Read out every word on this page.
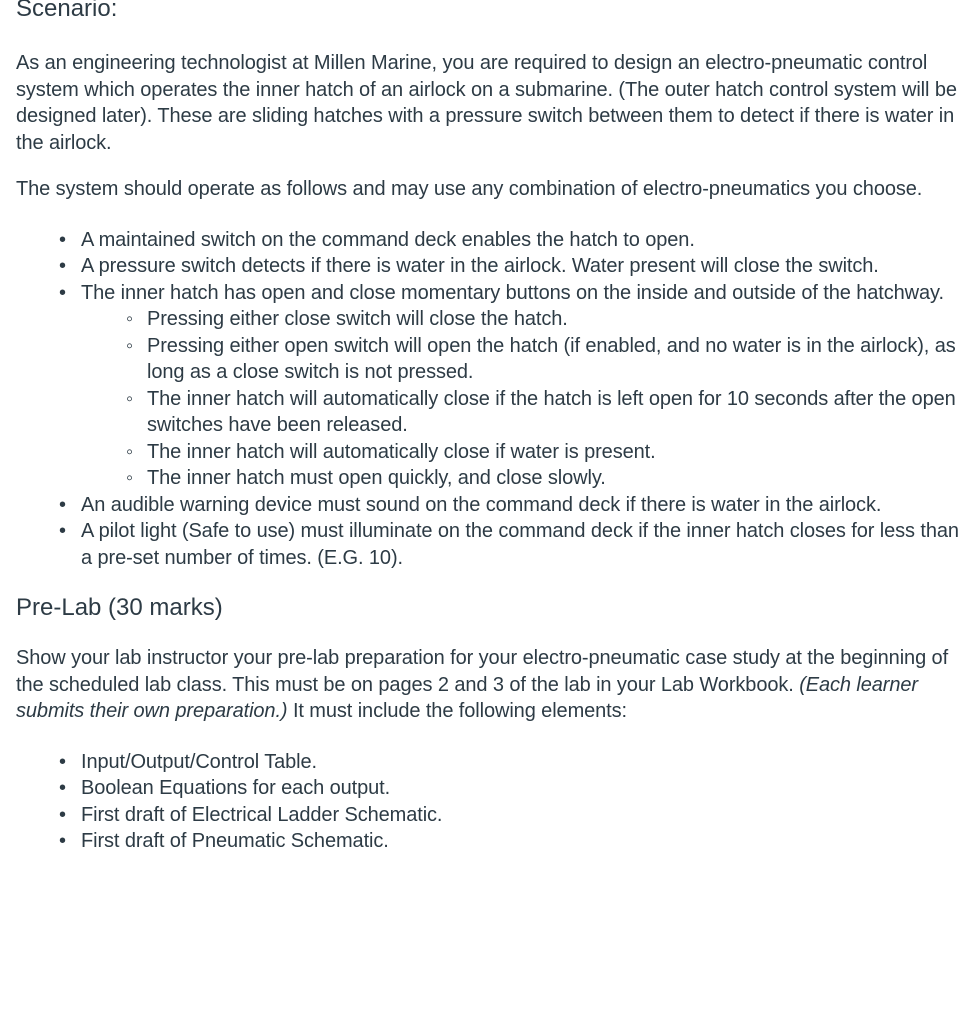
Scenario:

As an engineering technologist at Millen Marine, you are required to design an electro-pneumatic control system which operates the inner hatch of an airlock on a submarine. (The outer hatch control system will be designed later). These are sliding hatches with a pressure switch between them to detect if there is water in the airlock.

The system should operate as follows and may use any combination of electro-pneumatics you choose.

• A maintained switch on the command deck enables the hatch to open.
• A pressure switch detects if there is water in the airlock. Water present will close the switch.
• The inner hatch has open and close momentary buttons on the inside and outside of the hatchway.
◦ Pressing either close switch will close the hatch.
◦ Pressing either open switch will open the hatch (if enabled, and no water is in the airlock), as long as a close switch is not pressed.
◦ The inner hatch will automatically close if the hatch is left open for 10 seconds after the open switches have been released.
◦ The inner hatch will automatically close if water is present.
◦ The inner hatch must open quickly, and close slowly.
• An audible warning device must sound on the command deck if there is water in the airlock.
• A pilot light (Safe to use) must illuminate on the command deck if the inner hatch closes for less than a pre-set number of times. (E.G. 10).
Pre-Lab (30 marks)

Show your lab instructor your pre-lab preparation for your electro-pneumatic case study at the beginning of the scheduled lab class. This must be on pages 2 and 3 of the lab in your Lab Workbook. (Each learner submits their own preparation.) It must include the following elements:

• Input/Output/Control Table.
• Boolean Equations for each output.
• First draft of Electrical Ladder Schematic.
• First draft of Pneumatic Schematic.
